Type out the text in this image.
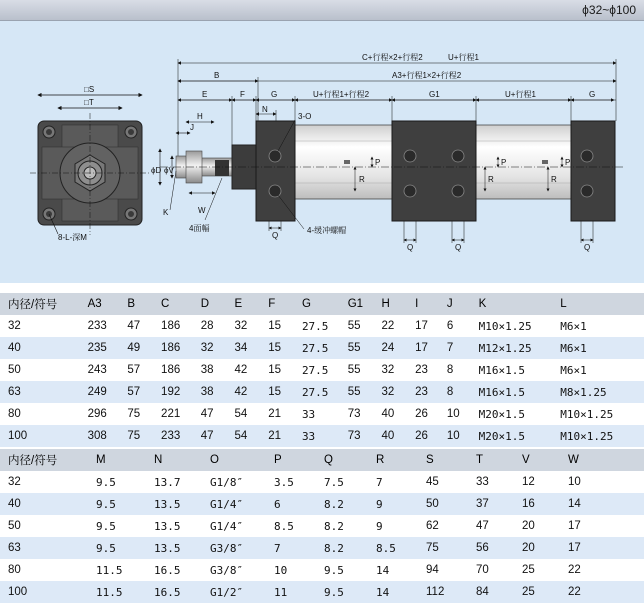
ϕ32~ϕ100
□S
□T
8-L-深M
C+行程×2+行程2	U+行程1
A3+行程1×2+行程2
B
E	F	G	U+行程1+行程2	G1	U+行程1	G
N
H
J
ϕD ϕV
K	W
4面幅
3-O
4-缓冲螺帽
R
P
R
P
R
P
Q
Q	Q	Q
内径/符号	A3	B	C	D	E	F	G	G1	H	I	J	K	L
32	233	47	186	28	32	15	27.5	55	22	17	6	M10×1.25	M6×1
40	235	49	186	32	34	15	27.5	55	24	17	7	M12×1.25	M6×1
50	243	57	186	38	42	15	27.5	55	32	23	8	M16×1.5	M6×1
63	249	57	192	38	42	15	27.5	55	32	23	8	M16×1.5	M8×1.25
80	296	75	221	47	54	21	33	73	40	26	10	M20×1.5	M10×1.25
100	308	75	233	47	54	21	33	73	40	26	10	M20×1.5	M10×1.25
内径/符号	M	N	O	P	Q	R	S	T	V	W
32	9.5	13.7	G1/8″	3.5	7.5	7	45	33	12	10
40	9.5	13.5	G1/4″	6	8.2	9	50	37	16	14
50	9.5	13.5	G1/4″	8.5	8.2	9	62	47	20	17
63	9.5	13.5	G3/8″	7	8.2	8.5	75	56	20	17
80	11.5	16.5	G3/8″	10	9.5	14	94	70	25	22
100	11.5	16.5	G1/2″	11	9.5	14	112	84	25	22
